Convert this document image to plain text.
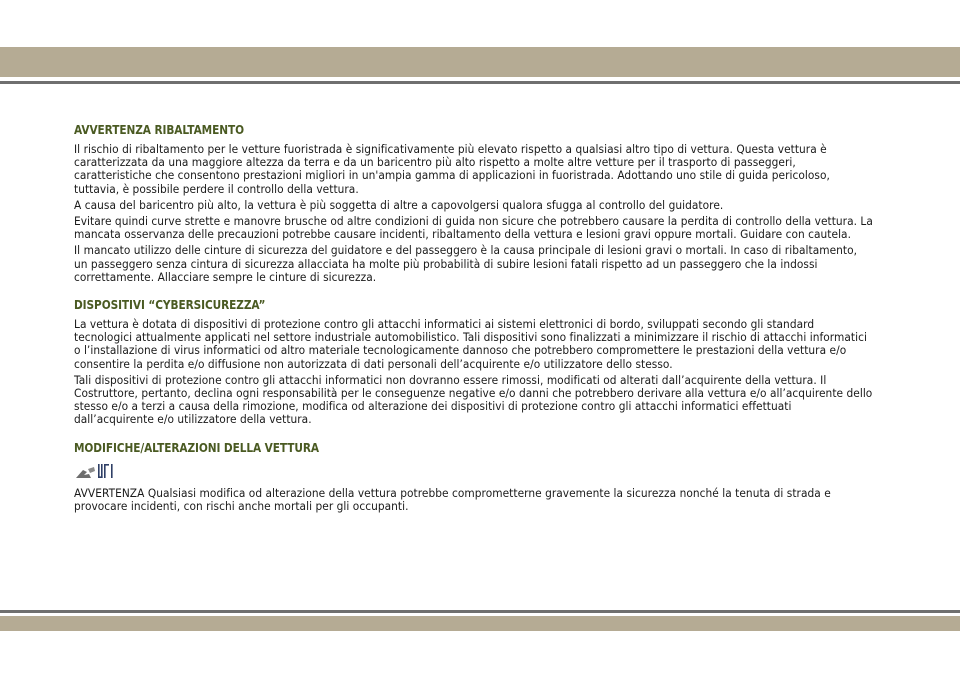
AVVERTENZA RIBALTAMENTO
Il rischio di ribaltamento per le vetture fuoristrada è significativamente più elevato rispetto a qualsiasi altro tipo di vettura. Questa vettura è caratterizzata da una maggiore altezza da terra e da un baricentro più alto rispetto a molte altre vetture per il trasporto di passeggeri, caratteristiche che consentono prestazioni migliori in un'ampia gamma di applicazioni in fuoristrada. Adottando uno stile di guida pericoloso, tuttavia, è possibile perdere il controllo della vettura.
A causa del baricentro più alto, la vettura è più soggetta di altre a capovolgersi qualora sfugga al controllo del guidatore.
Evitare quindi curve strette e manovre brusche od altre condizioni di guida non sicure che potrebbero causare la perdita di controllo della vettura. La mancata osservanza delle precauzioni potrebbe causare incidenti, ribaltamento della vettura e lesioni gravi oppure mortali. Guidare con cautela.
Il mancato utilizzo delle cinture di sicurezza del guidatore e del passeggero è la causa principale di lesioni gravi o mortali. In caso di ribaltamento, un passeggero senza cintura di sicurezza allacciata ha molte più probabilità di subire lesioni fatali rispetto ad un passeggero che la indossi correttamente. Allacciare sempre le cinture di sicurezza.
DISPOSITIVI “CYBERSICUREZZA”
La vettura è dotata di dispositivi di protezione contro gli attacchi informatici ai sistemi elettronici di bordo, sviluppati secondo gli standard tecnologici attualmente applicati nel settore industriale automobilistico. Tali dispositivi sono finalizzati a minimizzare il rischio di attacchi informatici o l’installazione di virus informatici od altro materiale tecnologicamente dannoso che potrebbero compromettere le prestazioni della vettura e/o consentire la perdita e/o diffusione non autorizzata di dati personali dell’acquirente e/o utilizzatore dello stesso.
Tali dispositivi di protezione contro gli attacchi informatici non dovranno essere rimossi, modificati od alterati dall’acquirente della vettura. Il Costruttore, pertanto, declina ogni responsabilità per le conseguenze negative e/o danni che potrebbero derivare alla vettura e/o all’acquirente dello stesso e/o a terzi a causa della rimozione, modifica od alterazione dei dispositivi di protezione contro gli attacchi informatici effettuati dall’acquirente e/o utilizzatore della vettura.
MODIFICHE/ALTERAZIONI DELLA VETTURA
AVVERTENZA Qualsiasi modifica od alterazione della vettura potrebbe comprometterne gravemente la sicurezza nonché la tenuta di strada e provocare incidenti, con rischi anche mortali per gli occupanti.
